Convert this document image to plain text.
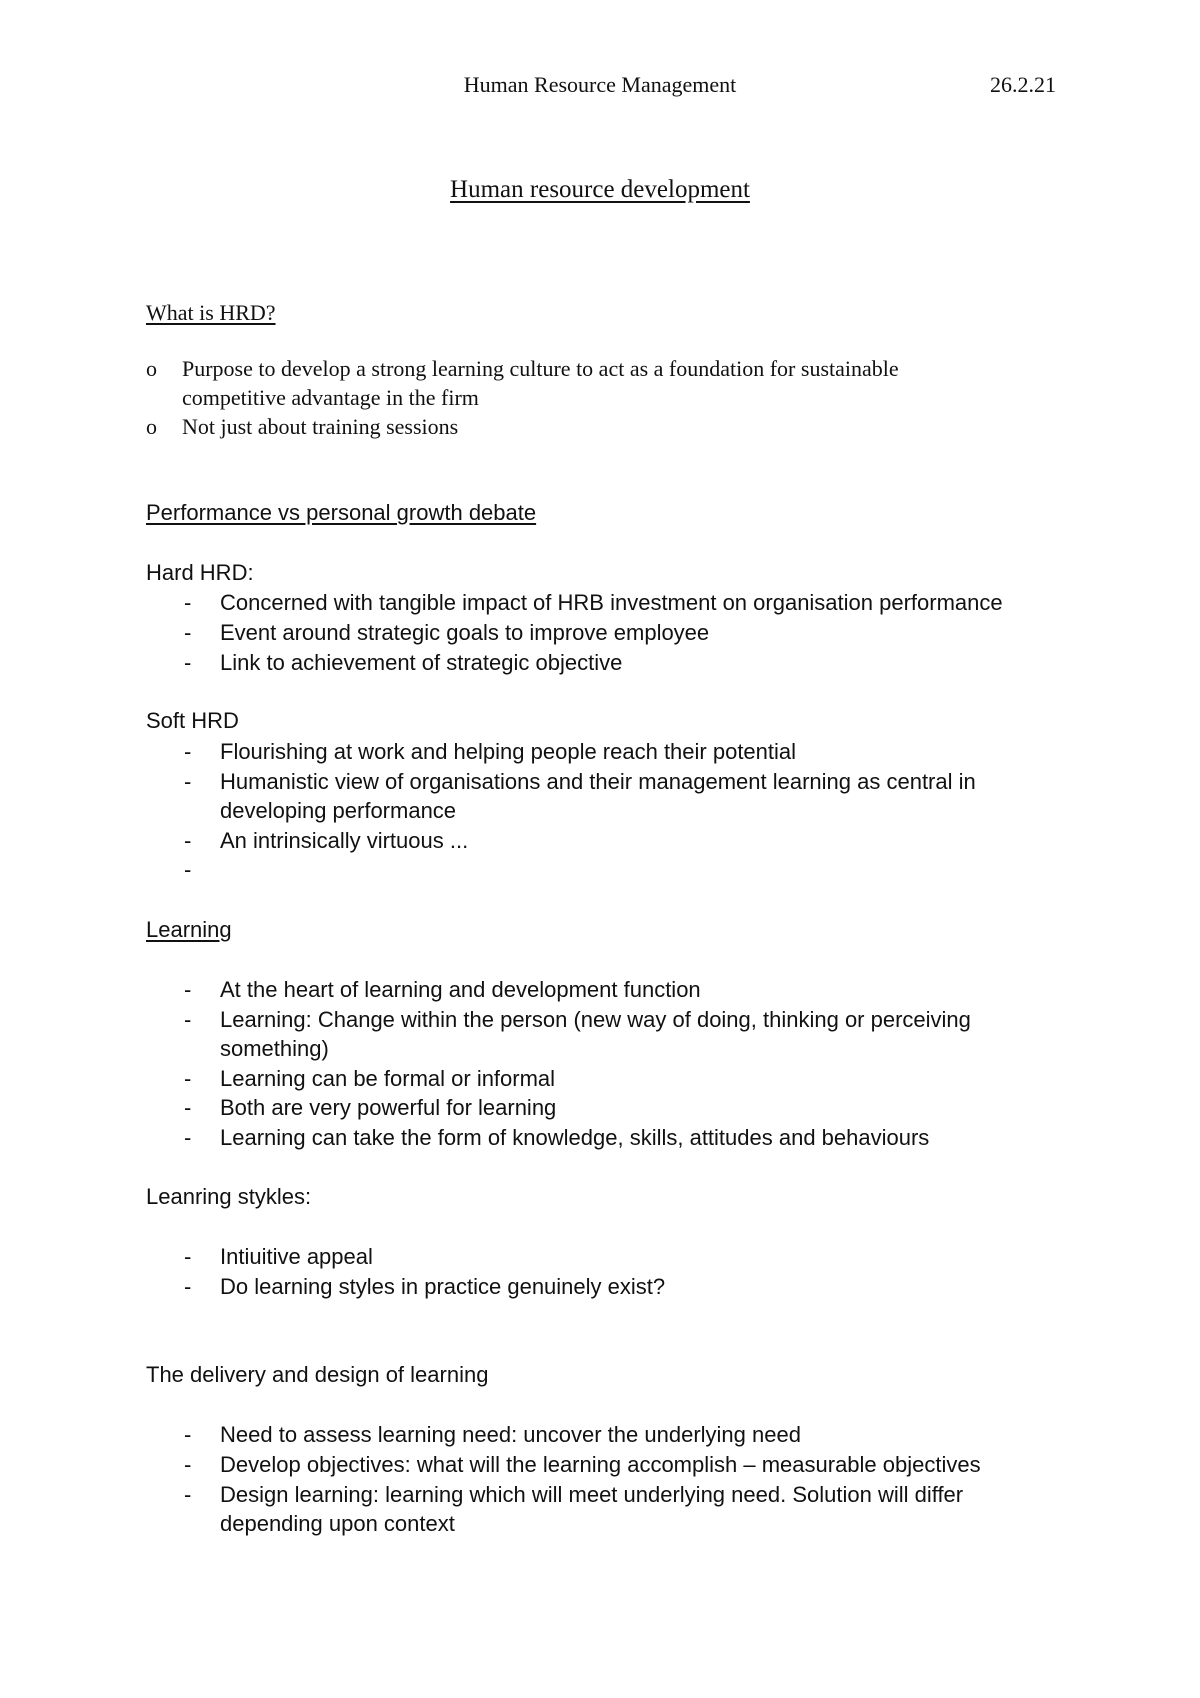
Human Resource Management	26.2.21
Human resource development
What is HRD?
o Purpose to develop a strong learning culture to act as a foundation for sustainable
competitive advantage in the firm
o Not just about training sessions
Performance vs personal growth debate
Hard HRD:
- Concerned with tangible impact of HRB investment on organisation performance
- Event around strategic goals to improve employee
- Link to achievement of strategic objective
Soft HRD
- Flourishing at work and helping people reach their potential
- Humanistic view of organisations and their management learning as central in
developing performance
- An intrinsically virtuous ...
-
Learning
- At the heart of learning and development function
- Learning: Change within the person (new way of doing, thinking or perceiving
something)
- Learning can be formal or informal
- Both are very powerful for learning
- Learning can take the form of knowledge, skills, attitudes and behaviours
Leanring stykles:
- Intiuitive appeal
- Do learning styles in practice genuinely exist?
The delivery and design of learning
- Need to assess learning need: uncover the underlying need
- Develop objectives: what will the learning accomplish – measurable objectives
- Design learning: learning which will meet underlying need. Solution will differ
depending upon context
